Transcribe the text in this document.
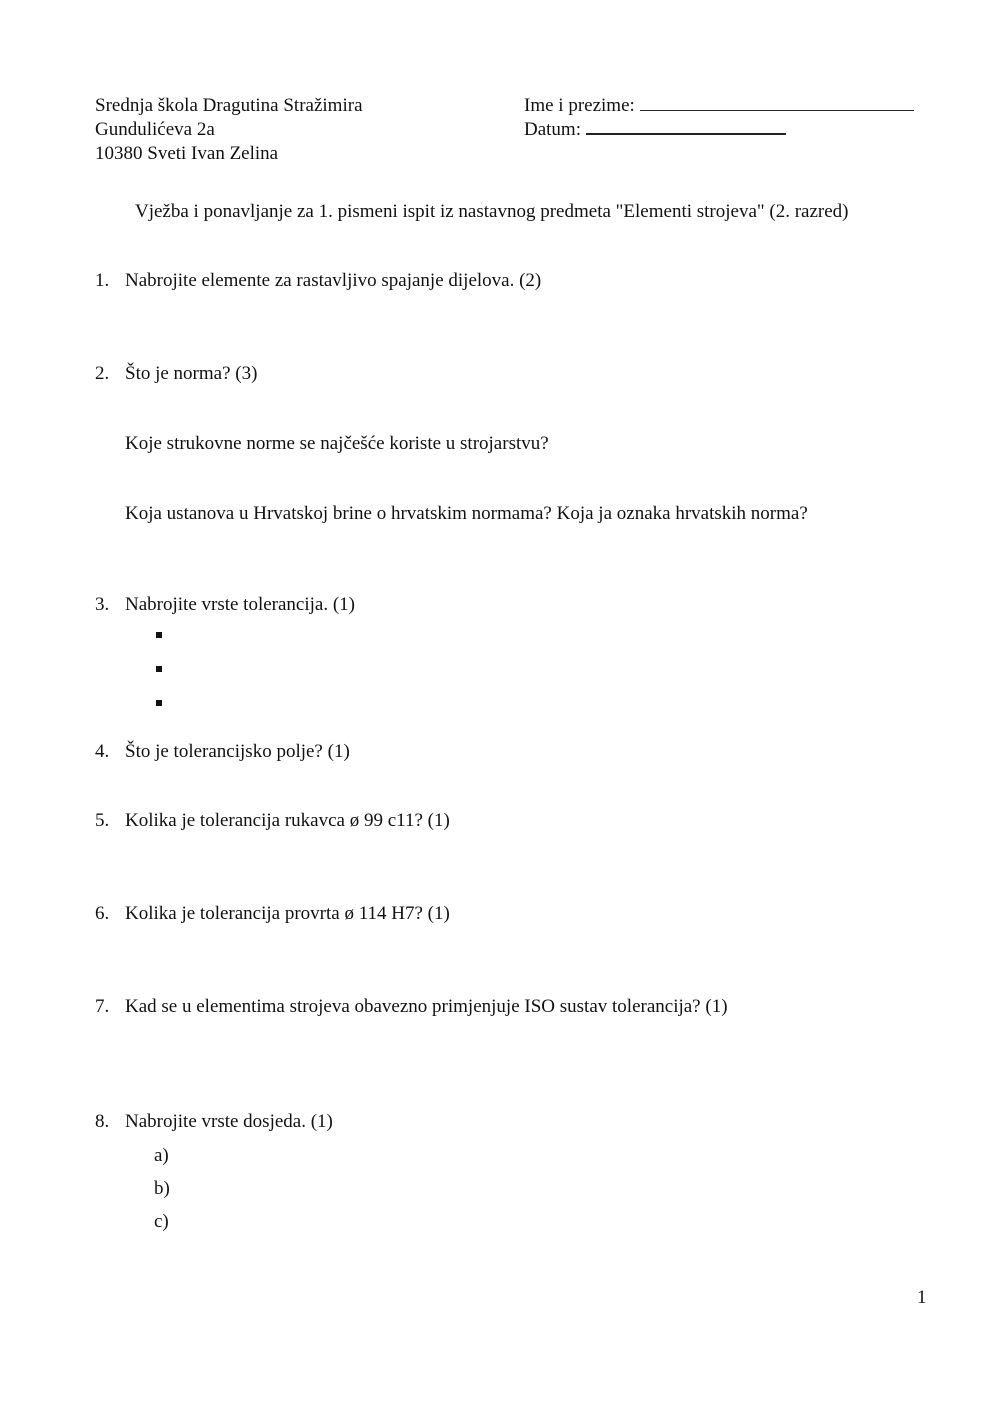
Srednja škola Dragutina Stražimira
Gundulićeva 2a
10380 Sveti Ivan Zelina
Ime i prezime:
Datum:
Vježba i ponavljanje za 1. pismeni ispit iz nastavnog predmeta "Elementi strojeva" (2. razred)
1. Nabrojite elemente za rastavljivo spajanje dijelova. (2)
2. Što je norma? (3)
Koje strukovne norme se najčešće koriste u strojarstvu?
Koja ustanova u Hrvatskoj brine o hrvatskim normama? Koja ja oznaka hrvatskih norma?
3. Nabrojite vrste tolerancija. (1)
4. Što je tolerancijsko polje? (1)
5. Kolika je tolerancija rukavca ø 99 c11? (1)
6. Kolika je tolerancija provrta ø 114 H7? (1)
7. Kad se u elementima strojeva obavezno primjenjuje ISO sustav tolerancija? (1)
8. Nabrojite vrste dosjeda. (1)
a)
b)
c)
1
